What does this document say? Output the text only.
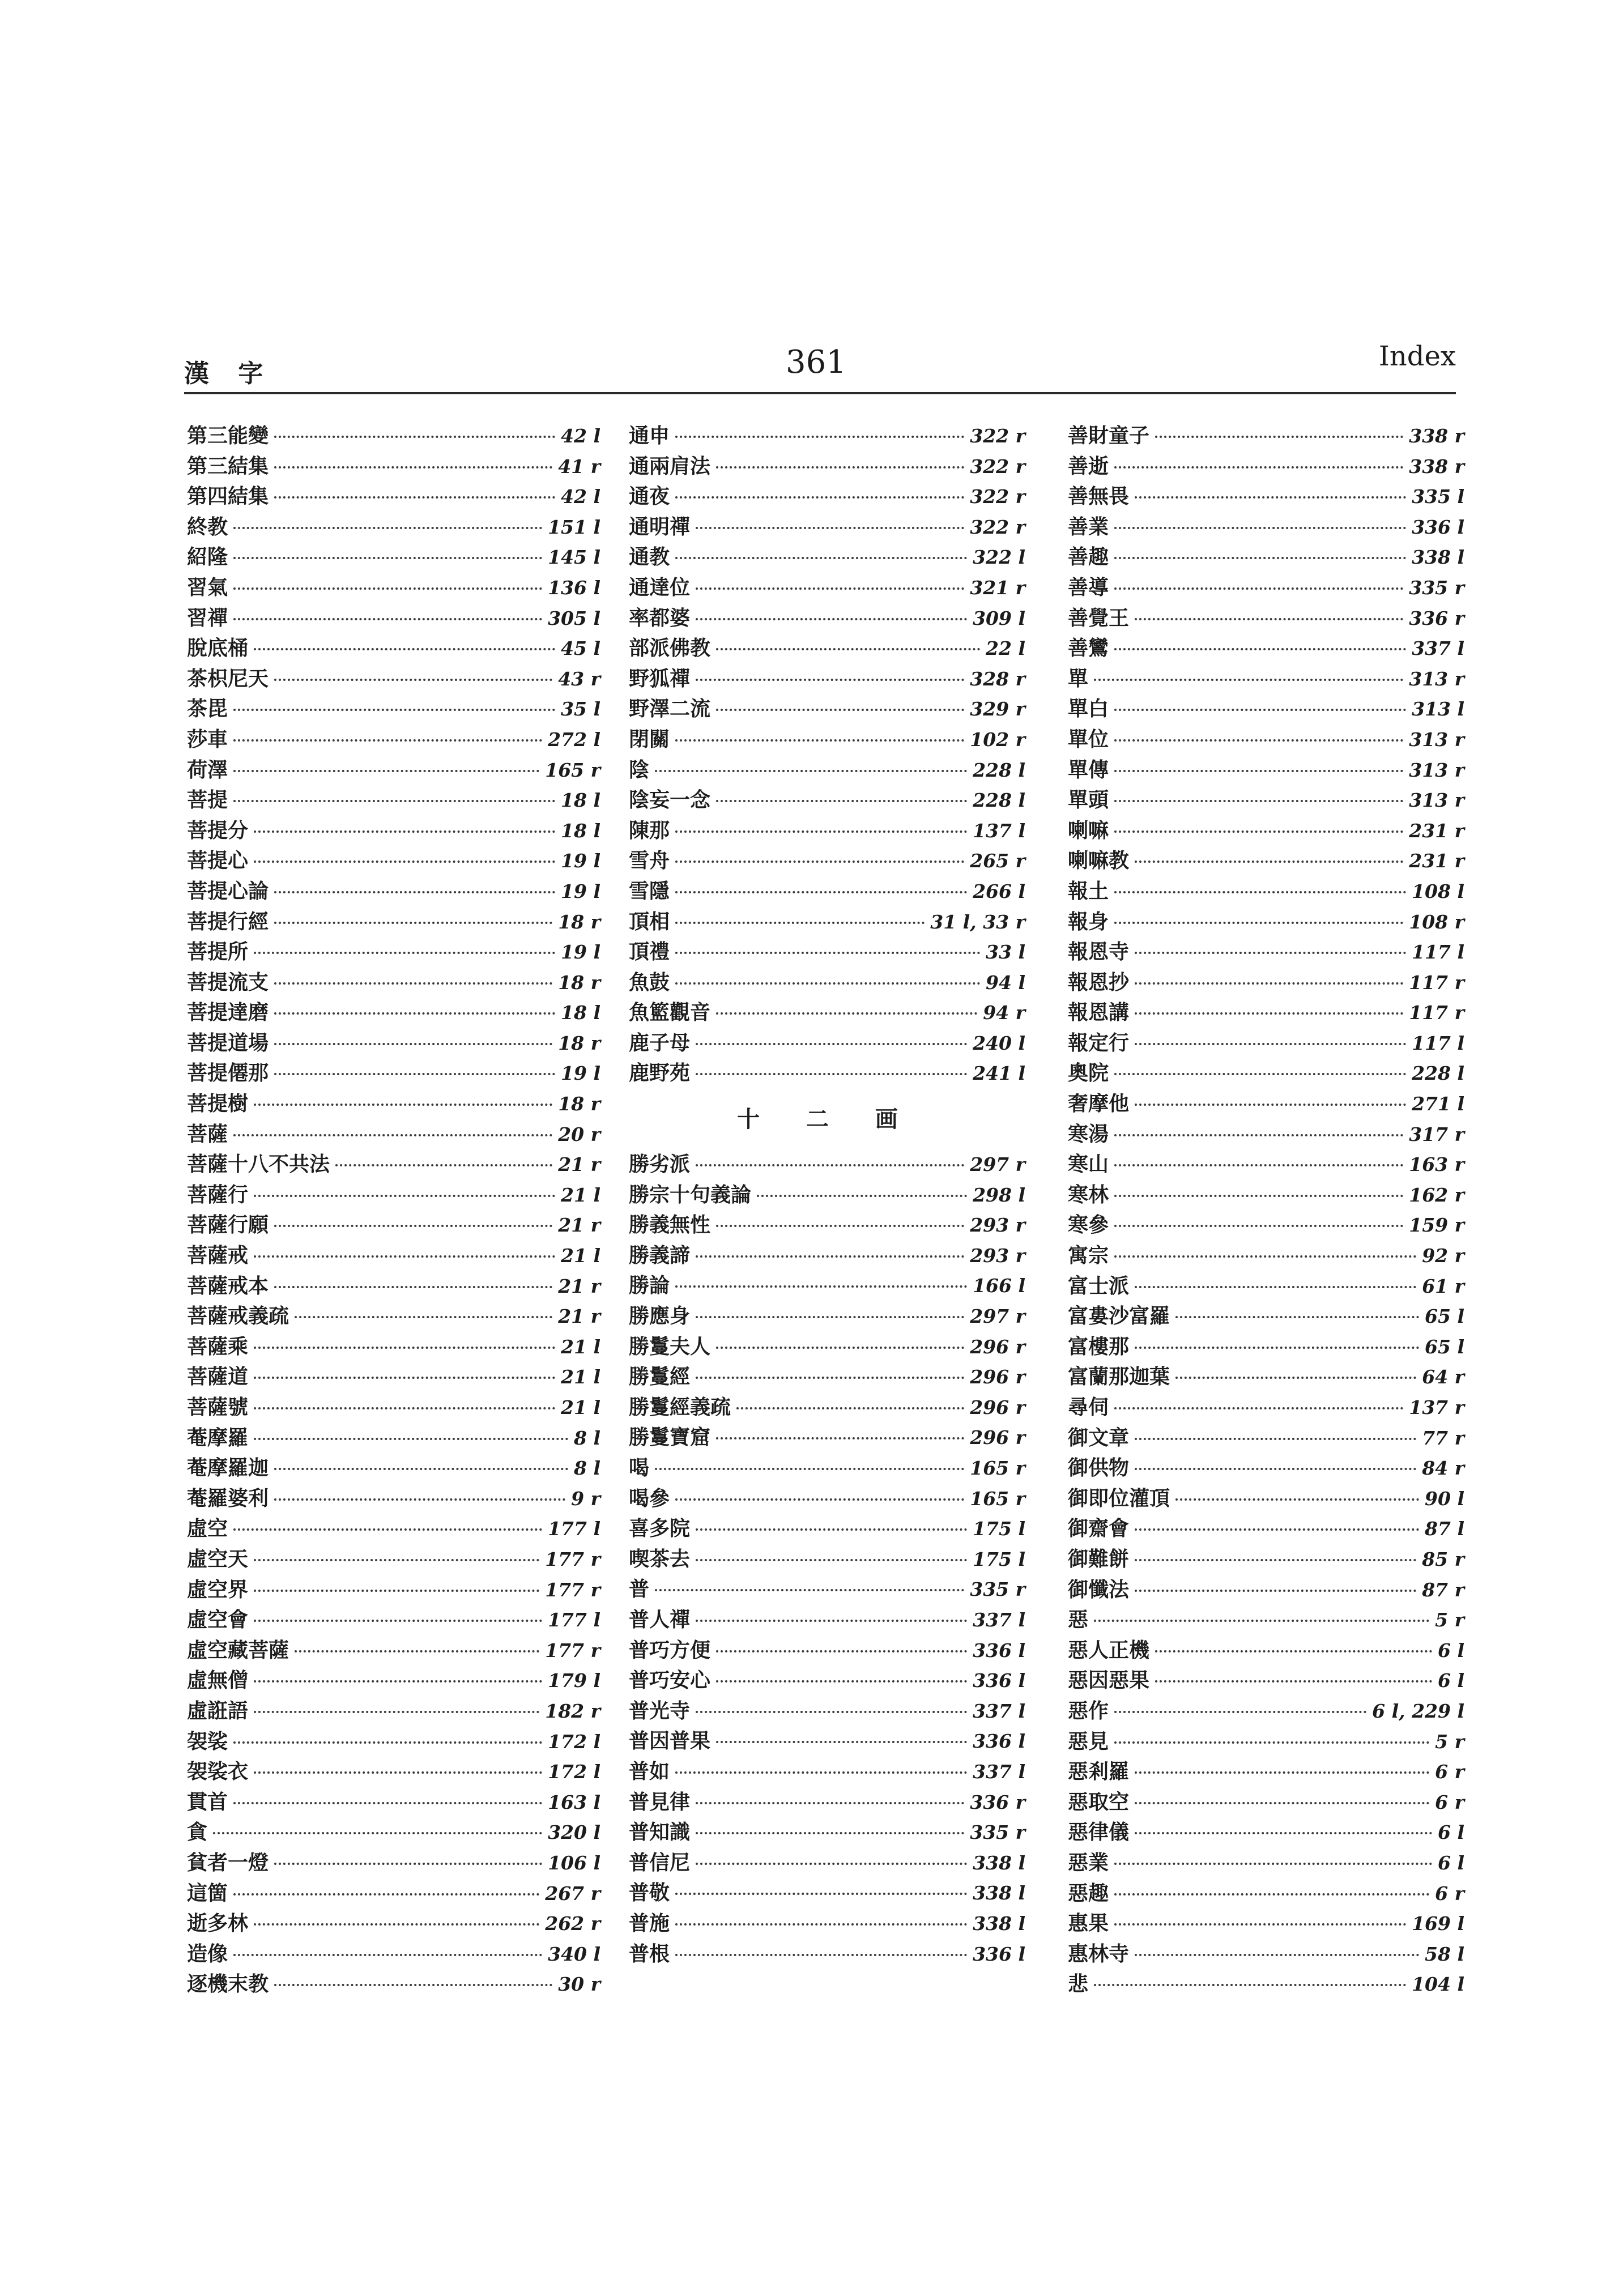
漢 字	361	Index
第三能變	42 l
第三結集	41 r
第四結集	42 l
終教	151 l
紹隆	145 l
習氣	136 l
習禪	305 l
脫底桶	45 l
茶枳尼天	43 r
茶毘	35 l
莎車	272 l
荷澤	165 r
菩提	18 l
菩提分	18 l
菩提心	19 l
菩提心論	19 l
菩提行經	18 r
菩提所	19 l
菩提流支	18 r
菩提達磨	18 l
菩提道場	18 r
菩提僊那	19 l
菩提樹	18 r
菩薩	20 r
菩薩十八不共法	21 r
菩薩行	21 l
菩薩行願	21 r
菩薩戒	21 l
菩薩戒本	21 r
菩薩戒義疏	21 r
菩薩乘	21 l
菩薩道	21 l
菩薩號	21 l
菴摩羅	8 l
菴摩羅迦	8 l
菴羅婆利	9 r
虛空	177 l
虛空天	177 r
虛空界	177 r
虛空會	177 l
虛空藏菩薩	177 r
虛無僧	179 l
虛誑語	182 r
袈裟	172 l
袈裟衣	172 l
貫首	163 l
貪	320 l
貧者一燈	106 l
這箇	267 r
逝多林	262 r
造像	340 l
逐機末教	30 r
通申	322 r
通兩肩法	322 r
通夜	322 r
通明禪	322 r
通教	322 l
通達位	321 r
率都婆	309 l
部派佛教	22 l
野狐禪	328 r
野澤二流	329 r
閉關	102 r
陰	228 l
陰妄一念	228 l
陳那	137 l
雪舟	265 r
雪隱	266 l
頂相	31 l, 33 r
頂禮	33 l
魚鼓	94 l
魚籃觀音	94 r
鹿子母	240 l
鹿野苑	241 l
十 二 画
勝劣派	297 r
勝宗十句義論	298 l
勝義無性	293 r
勝義諦	293 r
勝論	166 l
勝應身	297 r
勝鬘夫人	296 r
勝鬘經	296 r
勝鬘經義疏	296 r
勝鬘寶窟	296 r
喝	165 r
喝參	165 r
喜多院	175 l
喫茶去	175 l
普	335 r
普人禪	337 l
普巧方便	336 l
普巧安心	336 l
普光寺	337 l
普因普果	336 l
普如	337 l
普見律	336 r
普知識	335 r
普信尼	338 l
普敬	338 l
普施	338 l
普根	336 l
善財童子	338 r
善逝	338 r
善無畏	335 l
善業	336 l
善趣	338 l
善導	335 r
善覺王	336 r
善鸞	337 l
單	313 r
單白	313 l
單位	313 r
單傳	313 r
單頭	313 r
喇嘛	231 r
喇嘛教	231 r
報土	108 l
報身	108 r
報恩寺	117 l
報恩抄	117 r
報恩講	117 r
報定行	117 l
奧院	228 l
奢摩他	271 l
寒湯	317 r
寒山	163 r
寒林	162 r
寒參	159 r
寓宗	92 r
富士派	61 r
富婁沙富羅	65 l
富樓那	65 l
富蘭那迦葉	64 r
尋伺	137 r
御文章	77 r
御供物	84 r
御即位灌頂	90 l
御齋會	87 l
御難餅	85 r
御懺法	87 r
惡	5 r
惡人正機	6 l
惡因惡果	6 l
惡作	6 l, 229 l
惡見	5 r
惡剎羅	6 r
惡取空	6 r
惡律儀	6 l
惡業	6 l
惡趣	6 r
惠果	169 l
惠林寺	58 l
悲	104 l
